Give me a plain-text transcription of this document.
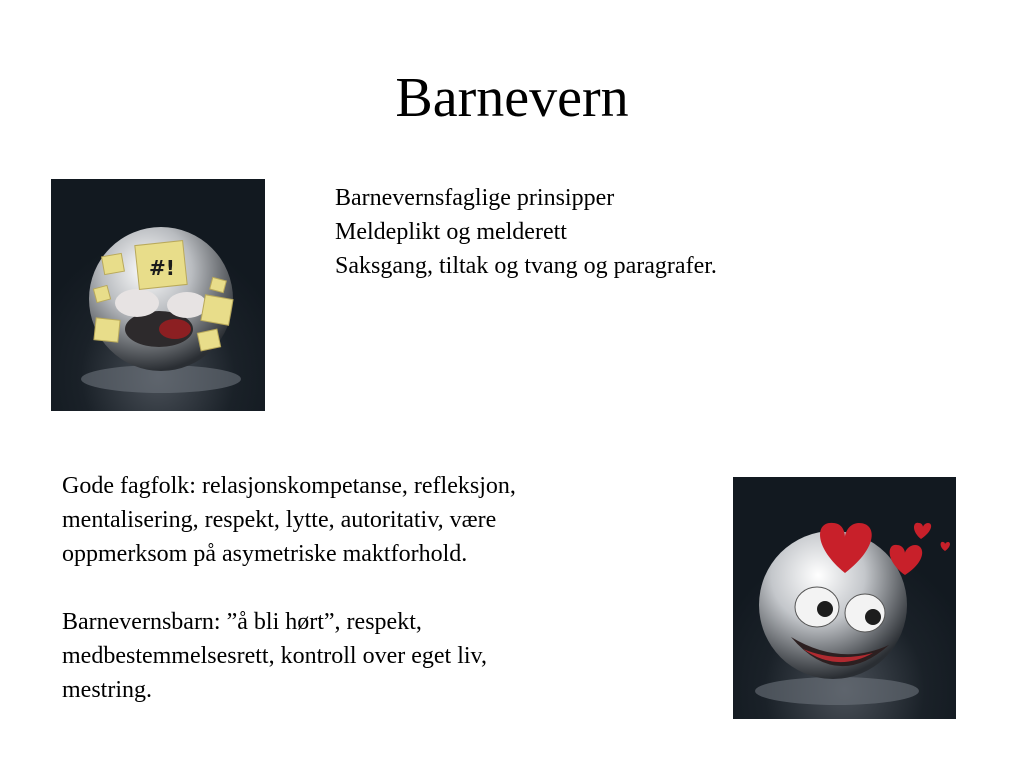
Barnevern
#!
Barnevernsfaglige prinsipper
Meldeplikt og melderett
Saksgang, tiltak og tvang og paragrafer.

Gode fagfolk: relasjonskompetanse, refleksjon, mentalisering, respekt, lytte, autoritativ, være oppmerksom på asymetriske maktforhold.

Barnevernsbarn: ”å bli hørt”, respekt, medbestemmelsesrett, kontroll over eget liv, mestring.
